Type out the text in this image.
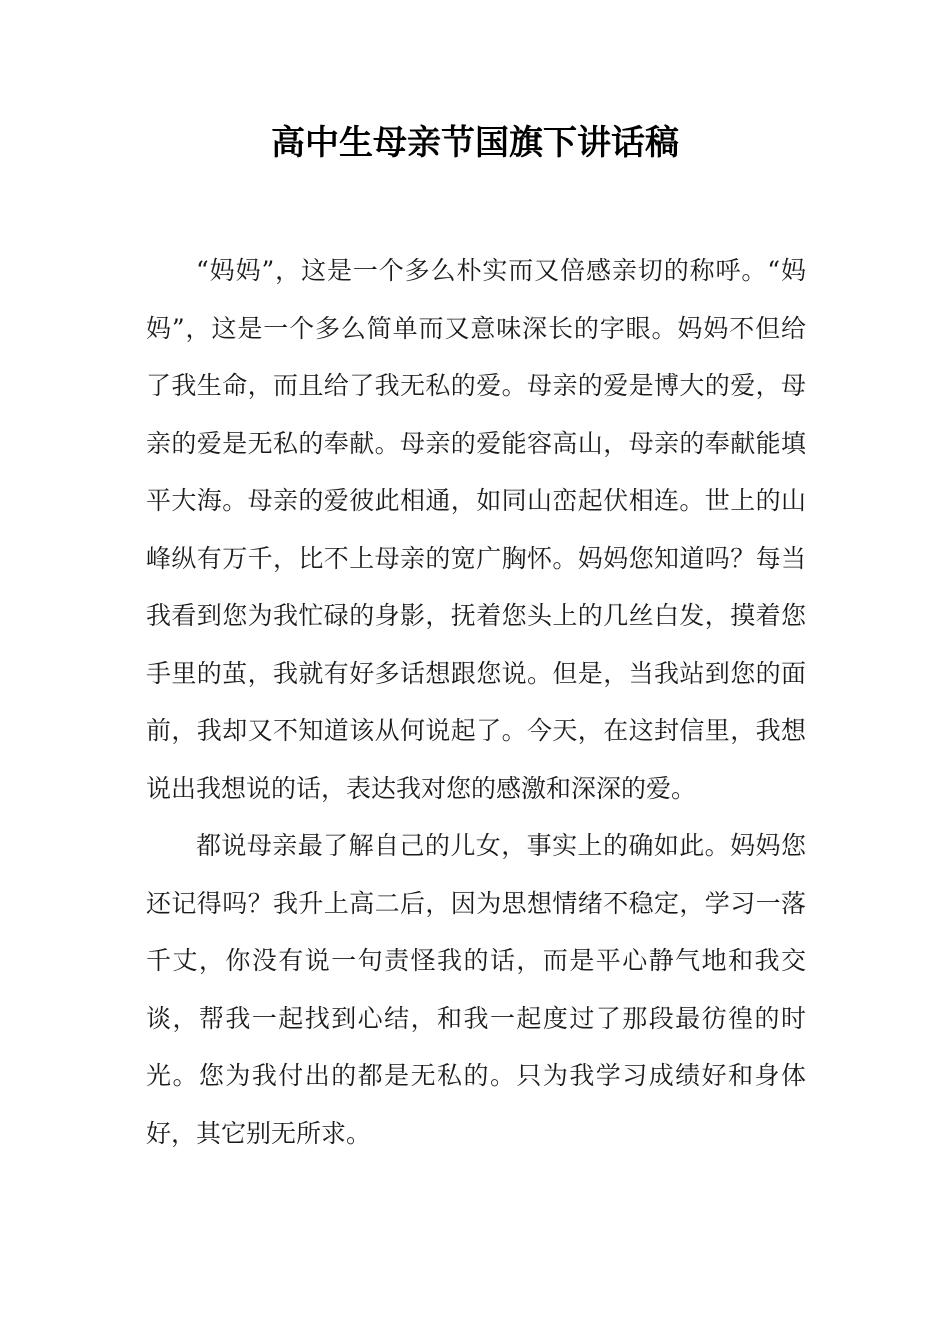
高中生母亲节国旗下讲话稿

“妈妈”，这是一个多么朴实而又倍感亲切的称呼。“妈妈”，这是一个多么简单而又意味深长的字眼。妈妈不但给了我生命，而且给了我无私的爱。母亲的爱是博大的爱，母亲的爱是无私的奉献。母亲的爱能容高山，母亲的奉献能填平大海。母亲的爱彼此相通，如同山峦起伏相连。世上的山峰纵有万千，比不上母亲的宽广胸怀。妈妈您知道吗？每当我看到您为我忙碌的身影，抚着您头上的几丝白发，摸着您手里的茧，我就有好多话想跟您说。但是，当我站到您的面前，我却又不知道该从何说起了。今天，在这封信里，我想说出我想说的话，表达我对您的感激和深深的爱。

都说母亲最了解自己的儿女，事实上的确如此。妈妈您还记得吗？我升上高二后，因为思想情绪不稳定，学习一落千丈，你没有说一句责怪我的话，而是平心静气地和我交谈，帮我一起找到心结，和我一起度过了那段最彷徨的时光。您为我付出的都是无私的。只为我学习成绩好和身体好，其它别无所求。
